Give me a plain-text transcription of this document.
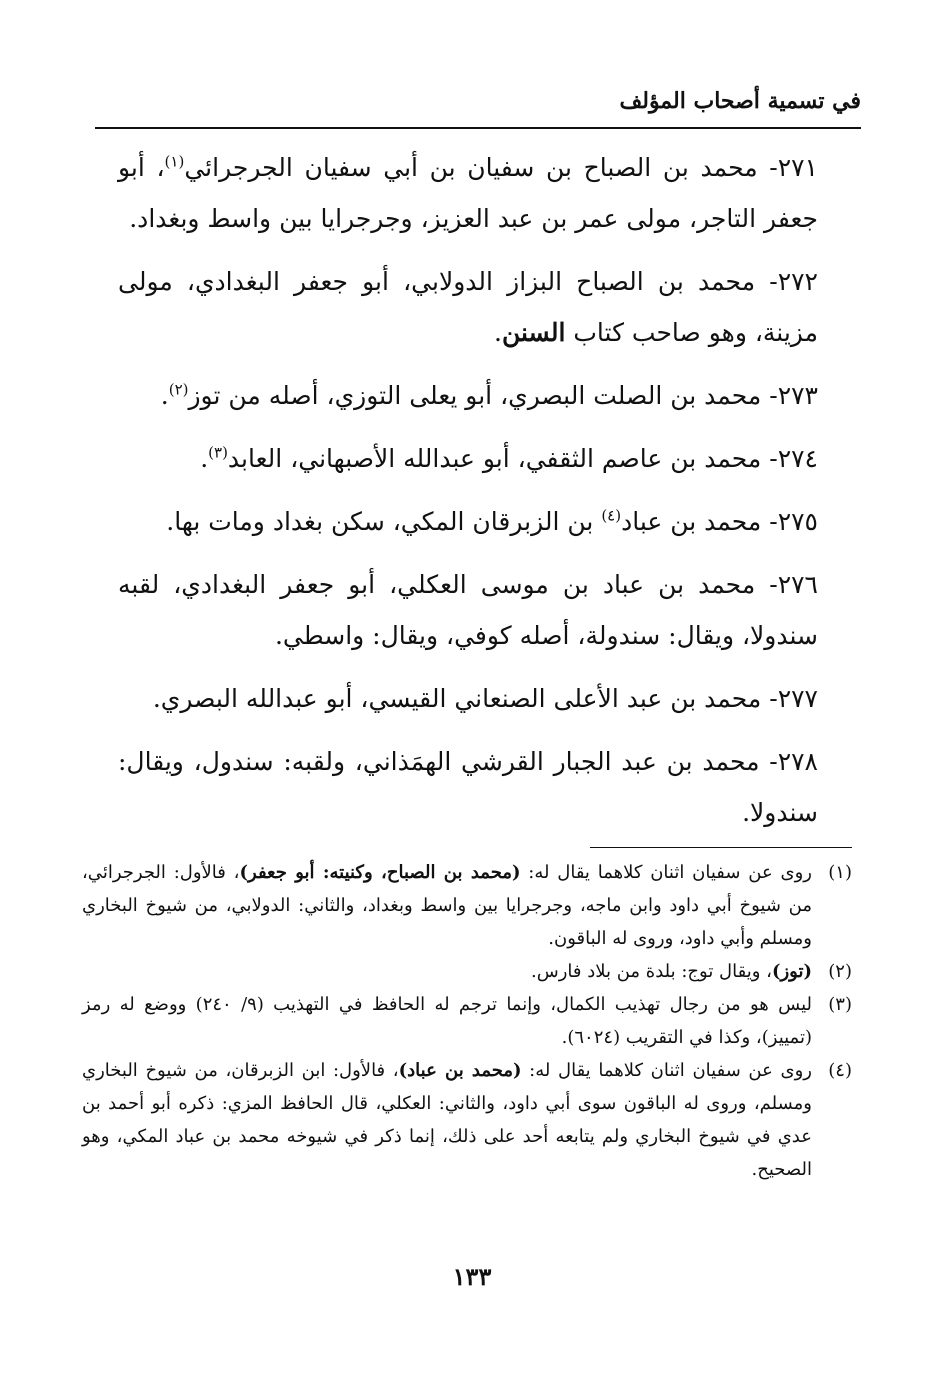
في تسمية أصحاب المؤلف

٢٧١- محمد بن الصباح بن سفيان بن أبي سفيان الجرجرائي$^{(١)}$، أبو جعفر التاجر، مولى عمر بن عبد العزيز، وجرجرايا بين واسط وبغداد.

٢٧٢- محمد بن الصباح البزاز الدولابي، أبو جعفر البغدادي، مولى مزينة، وهو صاحب كتاب السنن.

٢٧٣- محمد بن الصلت البصري، أبو يعلى التوزي، أصله من توز$^{(٢)}$.

٢٧٤- محمد بن عاصم الثقفي، أبو عبدالله الأصبهاني، العابد$^{(٣)}$.

٢٧٥- محمد بن عباد$^{(٤)}$ بن الزبرقان المكي، سكن بغداد ومات بها.

٢٧٦- محمد بن عباد بن موسى العكلي، أبو جعفر البغدادي، لقبه سندولا، ويقال: سندولة، أصله كوفي، ويقال: واسطي.

٢٧٧- محمد بن عبد الأعلى الصنعاني القيسي، أبو عبدالله البصري.

٢٧٨- محمد بن عبد الجبار القرشي الهمَذاني، ولقبه: سندول، ويقال: سندولا.

(١)
روى عن سفيان اثنان كلاهما يقال له: (محمد بن الصباح، وكنيته: أبو جعفر)، فالأول: الجرجرائي، من شيوخ أبي داود وابن ماجه، وجرجرايا بين واسط وبغداد، والثاني: الدولابي، من شيوخ البخاري ومسلم وأبي داود، وروى له الباقون.

(٢)
(توز)، ويقال توج: بلدة من بلاد فارس.

(٣)
ليس هو من رجال تهذيب الكمال، وإنما ترجم له الحافظ في التهذيب (٩/ ٢٤٠) ووضع له رمز (تمييز)، وكذا في التقريب (٦٠٢٤).

(٤)
روى عن سفيان اثنان كلاهما يقال له: (محمد بن عباد)، فالأول: ابن الزبرقان، من شيوخ البخاري ومسلم، وروى له الباقون سوى أبي داود، والثاني: العكلي، قال الحافظ المزي: ذكره أبو أحمد بن عدي في شيوخ البخاري ولم يتابعه أحد على ذلك، إنما ذكر في شيوخه محمد بن عباد المكي، وهو الصحيح.

١٣٣
